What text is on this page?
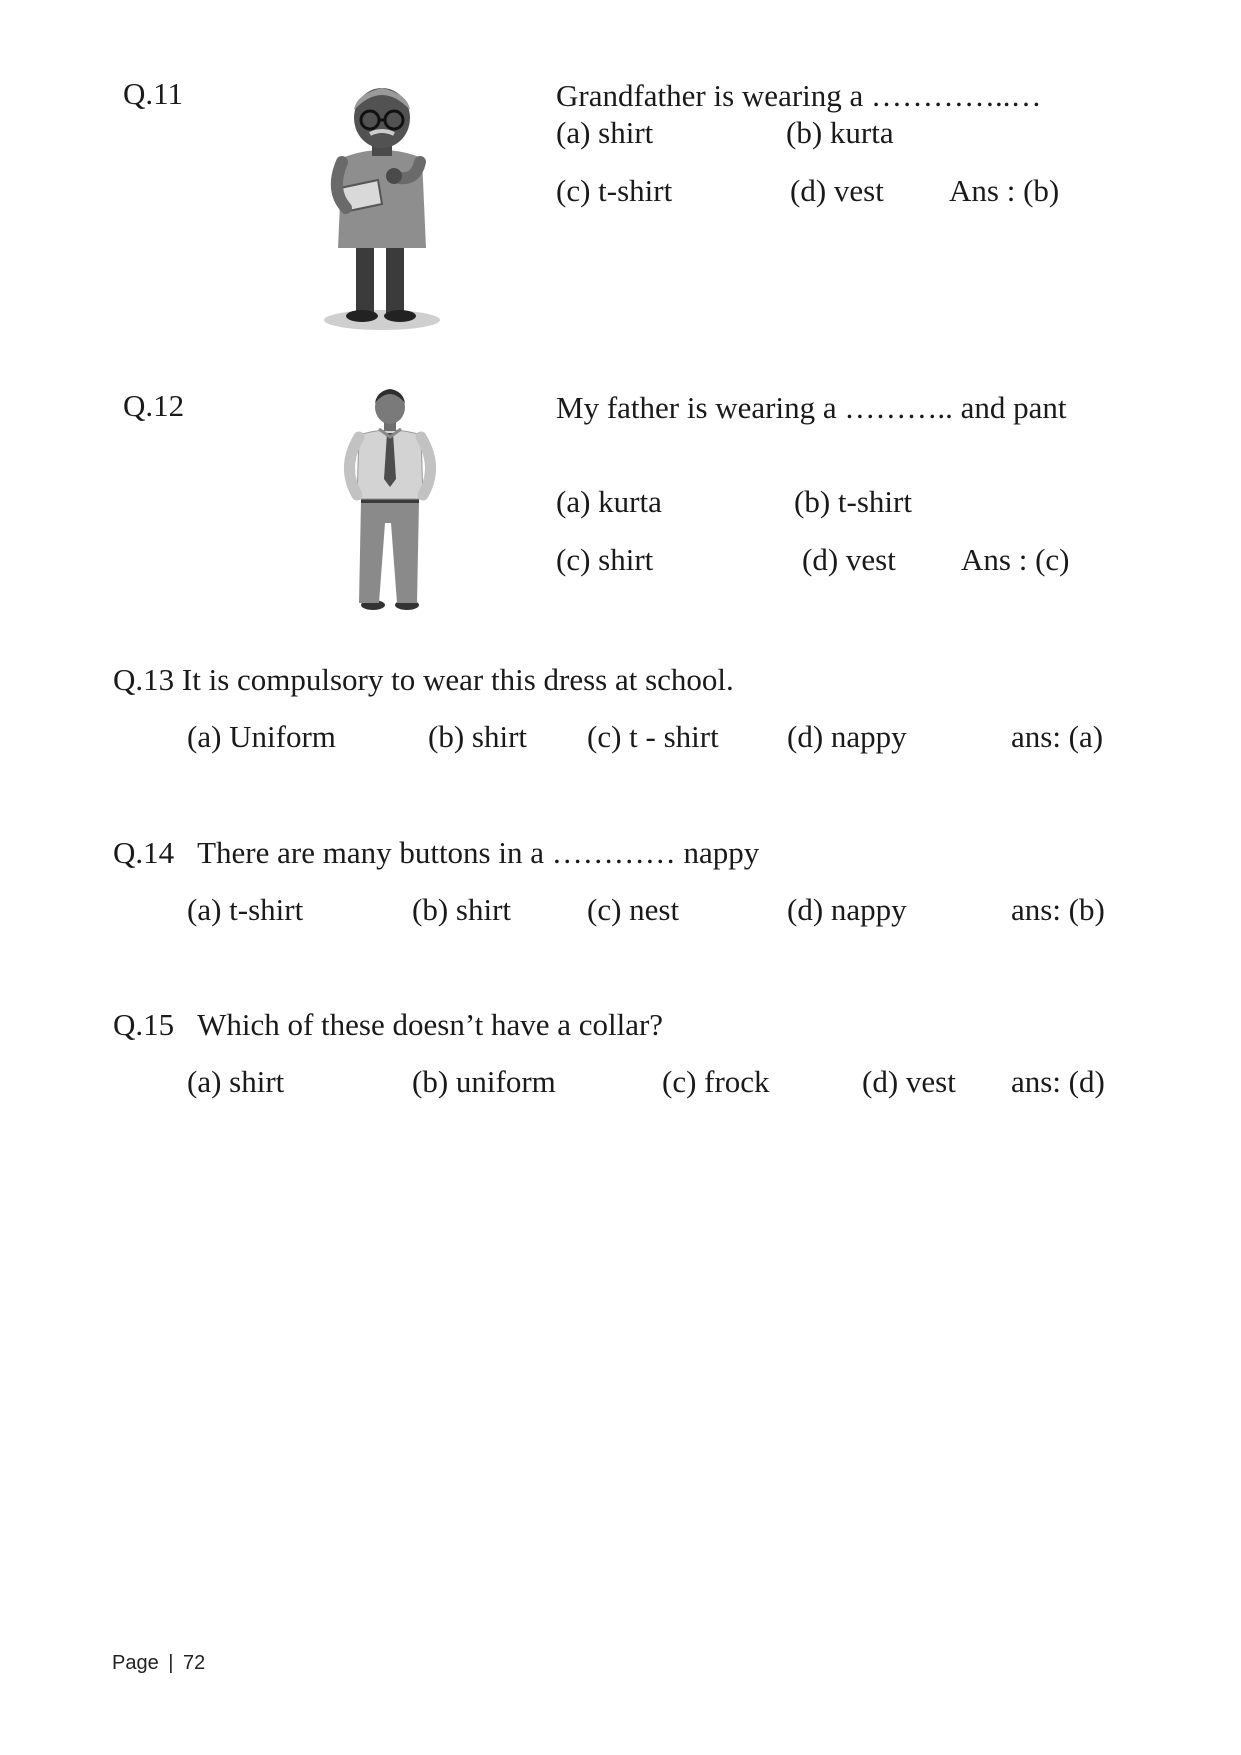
Q.11	Grandfather is wearing a …………..…
(a) shirt	(b) kurta
(c) t-shirt	(d) vest Ans : (b)
Q.12	My father is wearing a ……….. and pant
(a) kurta	(b) t-shirt
(c) shirt	(d) vest Ans : (c)
Q.13 It is compulsory to wear this dress at school.
(a) Uniform	(b) shirt (c) t - shirt (d) nappy	ans: (a)
Q.14 There are many buttons in a ………… nappy
(a) t-shirt	(b) shirt (c) nest	(d) nappy	ans: (b)
Q.15 Which of these doesn’t have a collar?
(a) shirt	(b) uniform	(c) frock	(d) vest ans: (d)
Page | 72
